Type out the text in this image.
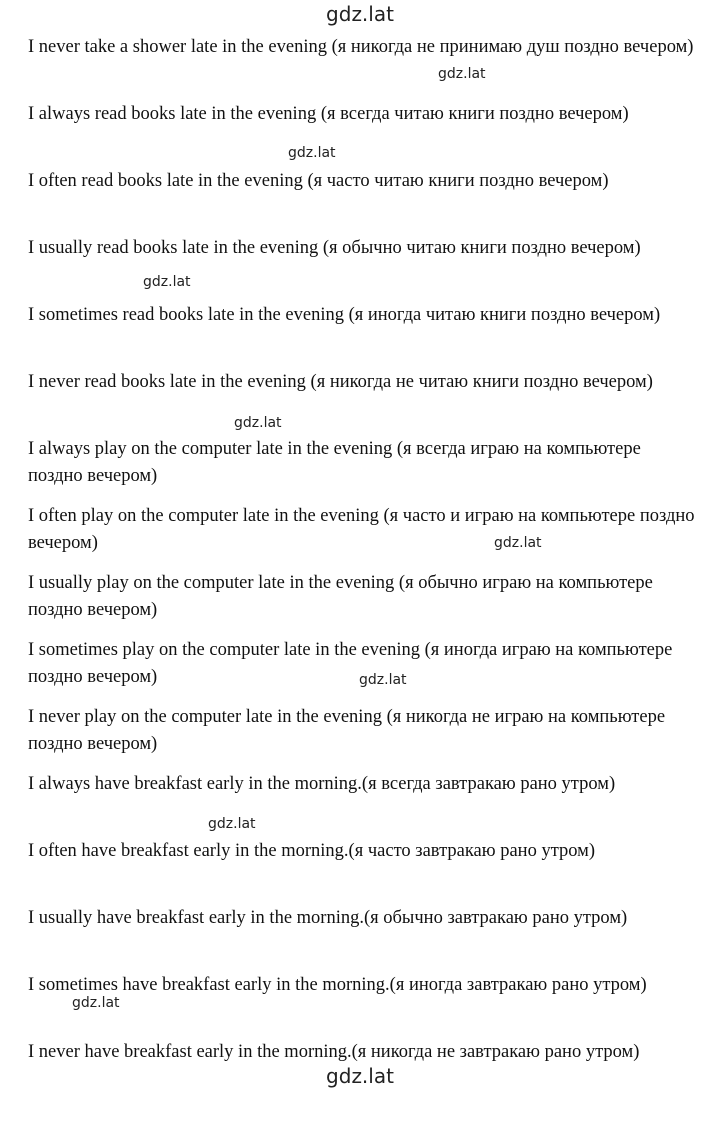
gdz.lat
I never take a shower late in the evening (я никогда не принимаю душ поздно вечером)
I always read books late in the evening (я всегда читаю книги поздно вечером)
I often read books late in the evening (я часто читаю книги поздно вечером)
I usually read books late in the evening (я обычно читаю книги поздно вечером)
I sometimes read books late in the evening (я иногда читаю книги поздно вечером)
I never read books late in the evening (я никогда не читаю книги поздно вечером)
I always play on the computer late in the evening (я всегда играю на компьютере поздно вечером)
I often play on the computer late in the evening (я часто и играю на компьютере поздно вечером)
I usually play on the computer late in the evening (я обычно играю на компьютере поздно вечером)
I sometimes play on the computer late in the evening (я иногда играю на компьютере поздно вечером)
I never play on the computer late in the evening (я никогда не играю на компьютере поздно вечером)
I always have breakfast early in the morning.(я всегда завтракаю рано утром)
I often have breakfast early in the morning.(я часто завтракаю рано утром)
I usually have breakfast early in the morning.(я обычно завтракаю рано утром)
I sometimes have breakfast early in the morning.(я иногда завтракаю рано утром)
I never have breakfast early in the morning.(я никогда не завтракаю рано утром)
gdz.lat
gdz.lat
gdz.lat
gdz.lat
gdz.lat
gdz.lat
gdz.lat
gdz.lat
gdz.lat
